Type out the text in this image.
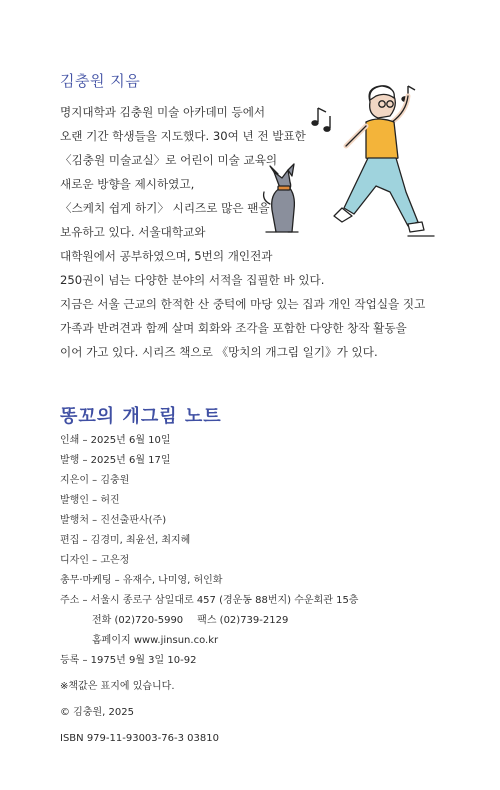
김충원 지음
명지대학과 김충원 미술 아카데미 등에서
오랜 기간 학생들을 지도했다. 30여 년 전 발표한
〈김충원 미술교실〉로 어린이 미술 교육의
새로운 방향을 제시하였고,
〈스케치 쉽게 하기〉 시리즈로 많은 팬을
보유하고 있다. 서울대학교와
대학원에서 공부하였으며, 5번의 개인전과
250권이 넘는 다양한 분야의 서적을 집필한 바 있다.
지금은 서울 근교의 한적한 산 중턱에 마당 있는 집과 개인 작업실을 짓고
가족과 반려견과 함께 살며 회화와 조각을 포함한 다양한 창작 활동을
이어 가고 있다. 시리즈 책으로 《망치의 개그림 일기》가 있다.
똥꼬의 개그림 노트
인쇄 – 2025년 6월 10일
발행 – 2025년 6월 17일
지은이 – 김충원
발행인 – 허진
발행처 – 진선출판사(주)
편집 – 김경미, 최윤선, 최지혜
디자인 – 고은정
총무·마케팅 – 유재수, 나미영, 허인화
주소 – 서울시 종로구 삼일대로 457 (경운동 88번지) 수운회관 15층
전화 (02)720-5990 팩스 (02)739-2129
홈페이지 www.jinsun.co.kr
등록 – 1975년 9월 3일 10-92
※책값은 표지에 있습니다.
© 김충원, 2025
ISBN 979-11-93003-76-3 03810
